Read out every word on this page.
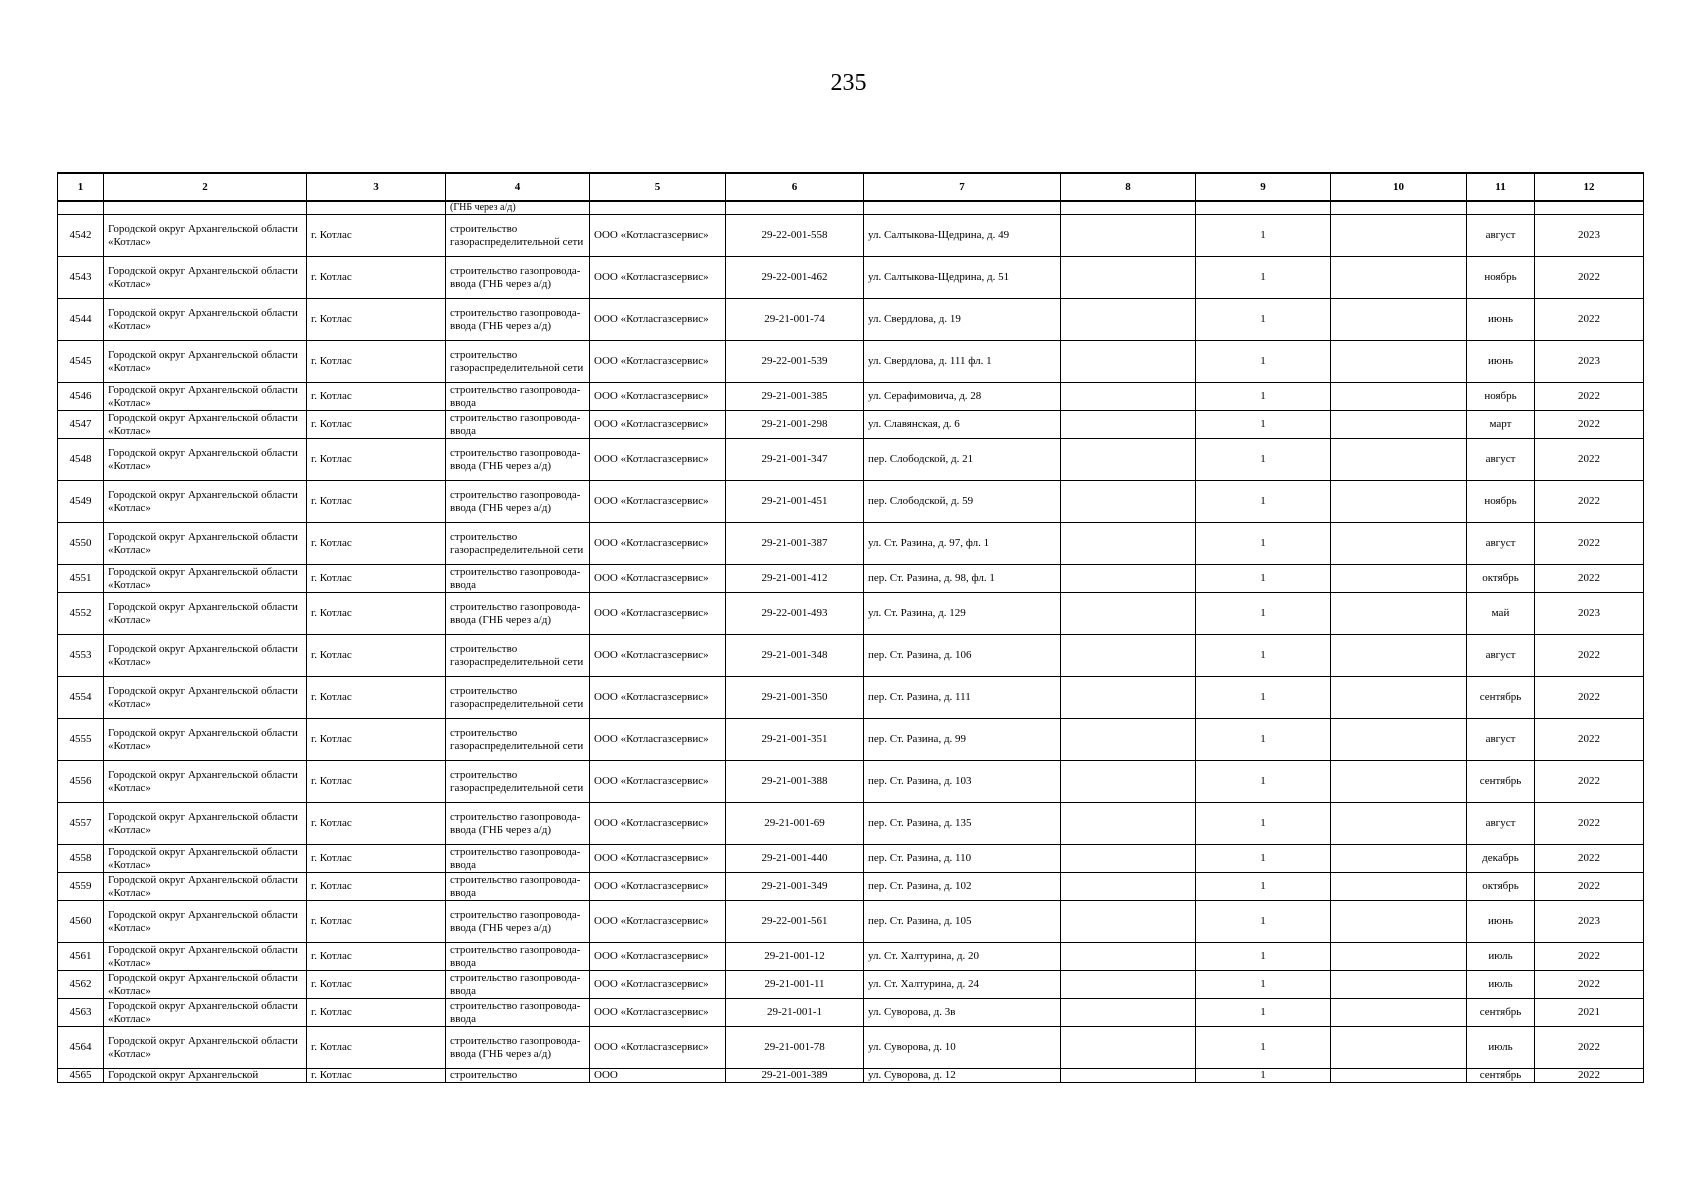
235
1	2	3	4	5	6	7	8	9	10	11	12
			(ГНБ через а/д)								
4542	Городской округ Архангельской области «Котлас»	г. Котлас	строительство газораспределительной сети	ООО «Котласгазсервис»	29-22-001-558	ул. Салтыкова-Щедрина, д. 49		1		август	2023
4543	Городской округ Архангельской области «Котлас»	г. Котлас	строительство газопровода-ввода (ГНБ через а/д)	ООО «Котласгазсервис»	29-22-001-462	ул. Салтыкова-Щедрина, д. 51		1		ноябрь	2022
4544	Городской округ Архангельской области «Котлас»	г. Котлас	строительство газопровода-ввода (ГНБ через а/д)	ООО «Котласгазсервис»	29-21-001-74	ул. Свердлова, д. 19		1		июнь	2022
4545	Городской округ Архангельской области «Котлас»	г. Котлас	строительство газораспределительной сети	ООО «Котласгазсервис»	29-22-001-539	ул. Свердлова, д. 111 фл. 1		1		июнь	2023
4546	Городской округ Архангельской области «Котлас»	г. Котлас	строительство газопровода-ввода	ООО «Котласгазсервис»	29-21-001-385	ул. Серафимовича, д. 28		1		ноябрь	2022
4547	Городской округ Архангельской области «Котлас»	г. Котлас	строительство газопровода-ввода	ООО «Котласгазсервис»	29-21-001-298	ул. Славянская, д. 6		1		март	2022
4548	Городской округ Архангельской области «Котлас»	г. Котлас	строительство газопровода-ввода (ГНБ через а/д)	ООО «Котласгазсервис»	29-21-001-347	пер. Слободской, д. 21		1		август	2022
4549	Городской округ Архангельской области «Котлас»	г. Котлас	строительство газопровода-ввода (ГНБ через а/д)	ООО «Котласгазсервис»	29-21-001-451	пер. Слободской, д. 59		1		ноябрь	2022
4550	Городской округ Архангельской области «Котлас»	г. Котлас	строительство газораспределительной сети	ООО «Котласгазсервис»	29-21-001-387	ул. Ст. Разина, д. 97, фл. 1		1		август	2022
4551	Городской округ Архангельской области «Котлас»	г. Котлас	строительство газопровода-ввода	ООО «Котласгазсервис»	29-21-001-412	пер. Ст. Разина, д. 98, фл. 1		1		октябрь	2022
4552	Городской округ Архангельской области «Котлас»	г. Котлас	строительство газопровода-ввода (ГНБ через а/д)	ООО «Котласгазсервис»	29-22-001-493	ул. Ст. Разина, д. 129		1		май	2023
4553	Городской округ Архангельской области «Котлас»	г. Котлас	строительство газораспределительной сети	ООО «Котласгазсервис»	29-21-001-348	пер. Ст. Разина, д. 106		1		август	2022
4554	Городской округ Архангельской области «Котлас»	г. Котлас	строительство газораспределительной сети	ООО «Котласгазсервис»	29-21-001-350	пер. Ст. Разина, д. 111		1		сентябрь	2022
4555	Городской округ Архангельской области «Котлас»	г. Котлас	строительство газораспределительной сети	ООО «Котласгазсервис»	29-21-001-351	пер. Ст. Разина, д. 99		1		август	2022
4556	Городской округ Архангельской области «Котлас»	г. Котлас	строительство газораспределительной сети	ООО «Котласгазсервис»	29-21-001-388	пер. Ст. Разина, д. 103		1		сентябрь	2022
4557	Городской округ Архангельской области «Котлас»	г. Котлас	строительство газопровода-ввода (ГНБ через а/д)	ООО «Котласгазсервис»	29-21-001-69	пер. Ст. Разина, д. 135		1		август	2022
4558	Городской округ Архангельской области «Котлас»	г. Котлас	строительство газопровода-ввода	ООО «Котласгазсервис»	29-21-001-440	пер. Ст. Разина, д. 110		1		декабрь	2022
4559	Городской округ Архангельской области «Котлас»	г. Котлас	строительство газопровода-ввода	ООО «Котласгазсервис»	29-21-001-349	пер. Ст. Разина, д. 102		1		октябрь	2022
4560	Городской округ Архангельской области «Котлас»	г. Котлас	строительство газопровода-ввода (ГНБ через а/д)	ООО «Котласгазсервис»	29-22-001-561	пер. Ст. Разина, д. 105		1		июнь	2023
4561	Городской округ Архангельской области «Котлас»	г. Котлас	строительство газопровода-ввода	ООО «Котласгазсервис»	29-21-001-12	ул. Ст. Халтурина, д. 20		1		июль	2022
4562	Городской округ Архангельской области «Котлас»	г. Котлас	строительство газопровода-ввода	ООО «Котласгазсервис»	29-21-001-11	ул. Ст. Халтурина, д. 24		1		июль	2022
4563	Городской округ Архангельской области «Котлас»	г. Котлас	строительство газопровода-ввода	ООО «Котласгазсервис»	29-21-001-1	ул. Суворова, д. 3в		1		сентябрь	2021
4564	Городской округ Архангельской области «Котлас»	г. Котлас	строительство газопровода-ввода (ГНБ через а/д)	ООО «Котласгазсервис»	29-21-001-78	ул. Суворова, д. 10		1		июль	2022
4565	Городской округ Архангельской	г. Котлас	строительство	ООО	29-21-001-389	ул. Суворова, д. 12		1		сентябрь	2022
